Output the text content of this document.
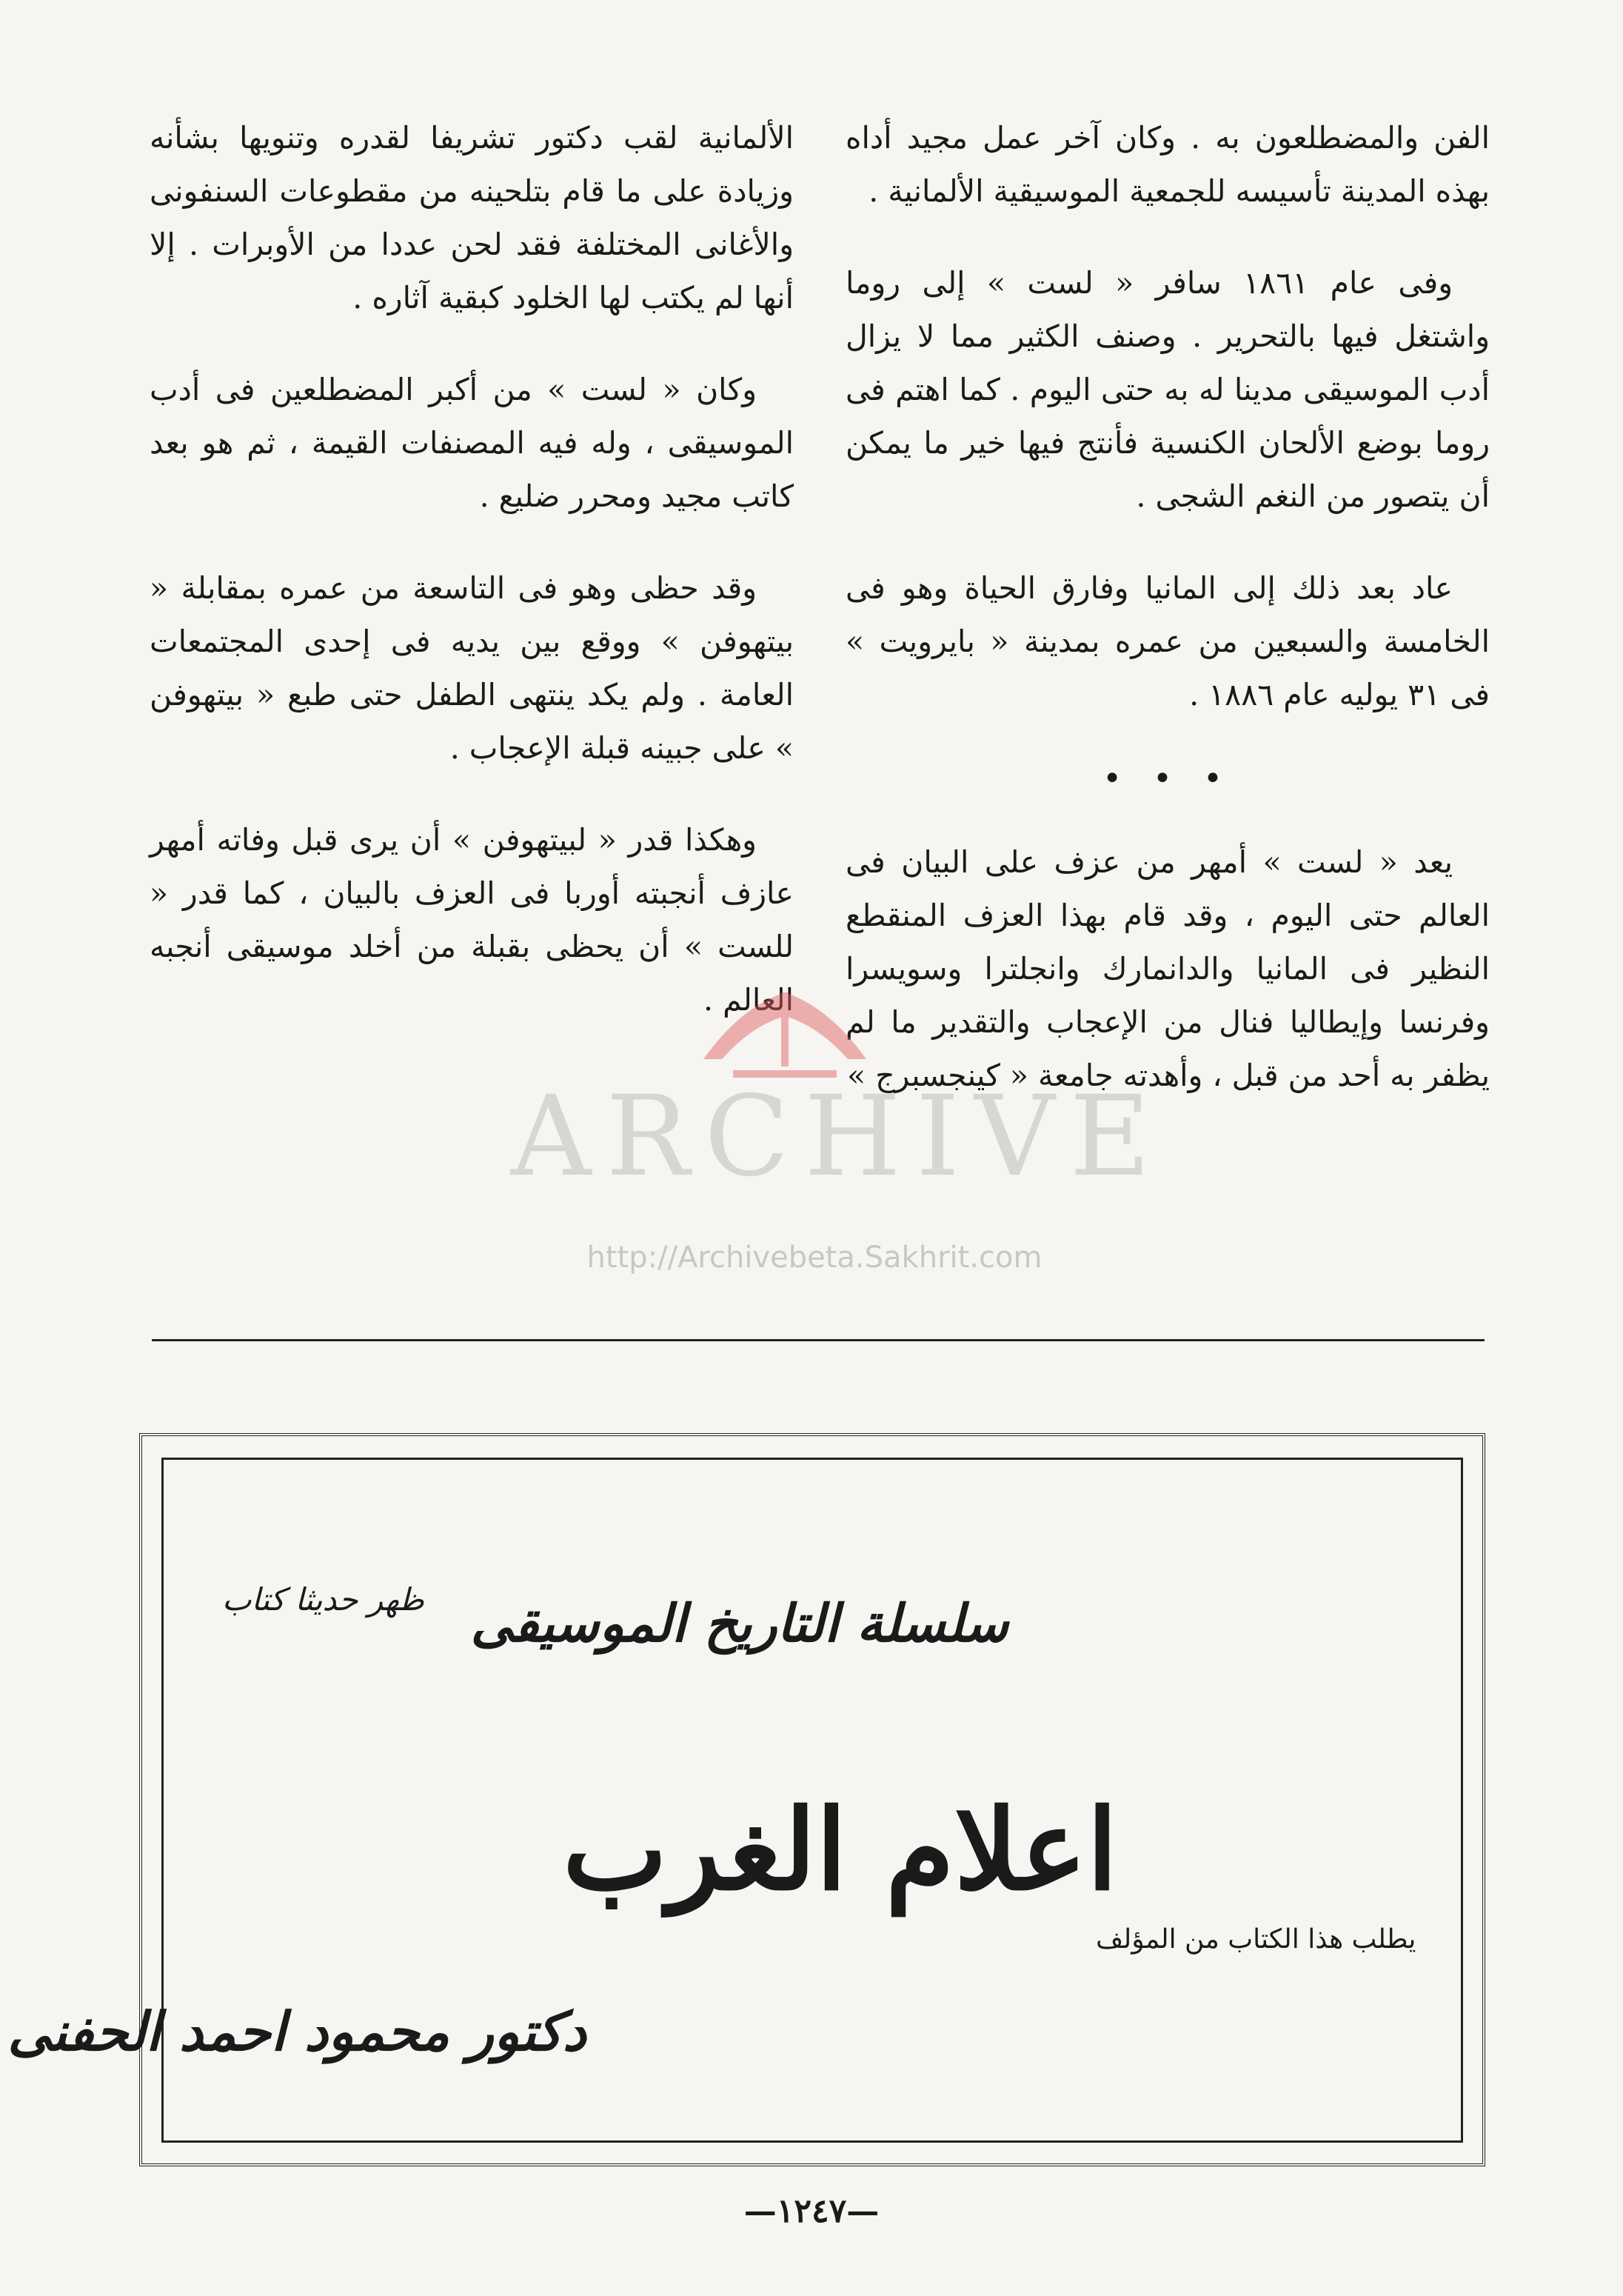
الفن والمضطلعون به . وكان آخر عمل مجيد أداه بهذه المدينة تأسيسه للجمعية الموسيقية الألمانية .

وفى عام ١٨٦١ سافر « لست » إلى روما واشتغل فيها بالتحرير . وصنف الكثير مما لا يزال أدب الموسيقى مدينا له به حتى اليوم . كما اهتم فى روما بوضع الألحان الكنسية فأنتج فيها خير ما يمكن أن يتصور من النغم الشجى .

عاد بعد ذلك إلى المانيا وفارق الحياة وهو فى الخامسة والسبعين من عمره بمدينة « بايرويت » فى ٣١ يوليه عام ١٨٨٦ .

• • •

يعد « لست » أمهر من عزف على البيان فى العالم حتى اليوم ، وقد قام بهذا العزف المنقطع النظير فى المانيا والدانمارك وانجلترا وسويسرا وفرنسا وإيطاليا فنال من الإعجاب والتقدير ما لم يظفر به أحد من قبل ، وأهدته جامعة « كينجسبرج »

الألمانية لقب دكتور تشريفا لقدره وتنويها بشأنه وزيادة على ما قام بتلحينه من مقطوعات السنفونى والأغانى المختلفة فقد لحن عددا من الأوبرات . إلا أنها لم يكتب لها الخلود كبقية آثاره .

وكان « لست » من أكبر المضطلعين فى أدب الموسيقى ، وله فيه المصنفات القيمة ، ثم هو بعد كاتب مجيد ومحرر ضليع .

وقد حظى وهو فى التاسعة من عمره بمقابلة « بيتهوفن » ووقع بين يديه فى إحدى المجتمعات العامة . ولم يكد ينتهى الطفل حتى طبع « بيتهوفن » على جبينه قبلة الإعجاب .

وهكذا قدر « لبيتهوفن » أن يرى قبل وفاته أمهر عازف أنجبته أوربا فى العزف بالبيان ، كما قدر « للست » أن يحظى بقبلة من أخلد موسيقى أنجبه العالم .

ARCHIVE
http://Archivebeta.Sakhrit.com
سلسلة التاريخ الموسيقى
ظهر حديثا كتاب
اعلام الغرب
يطلب هذا الكتاب من المؤلف
دكتور محمود احمد الحفنى
—١٢٤٧—
